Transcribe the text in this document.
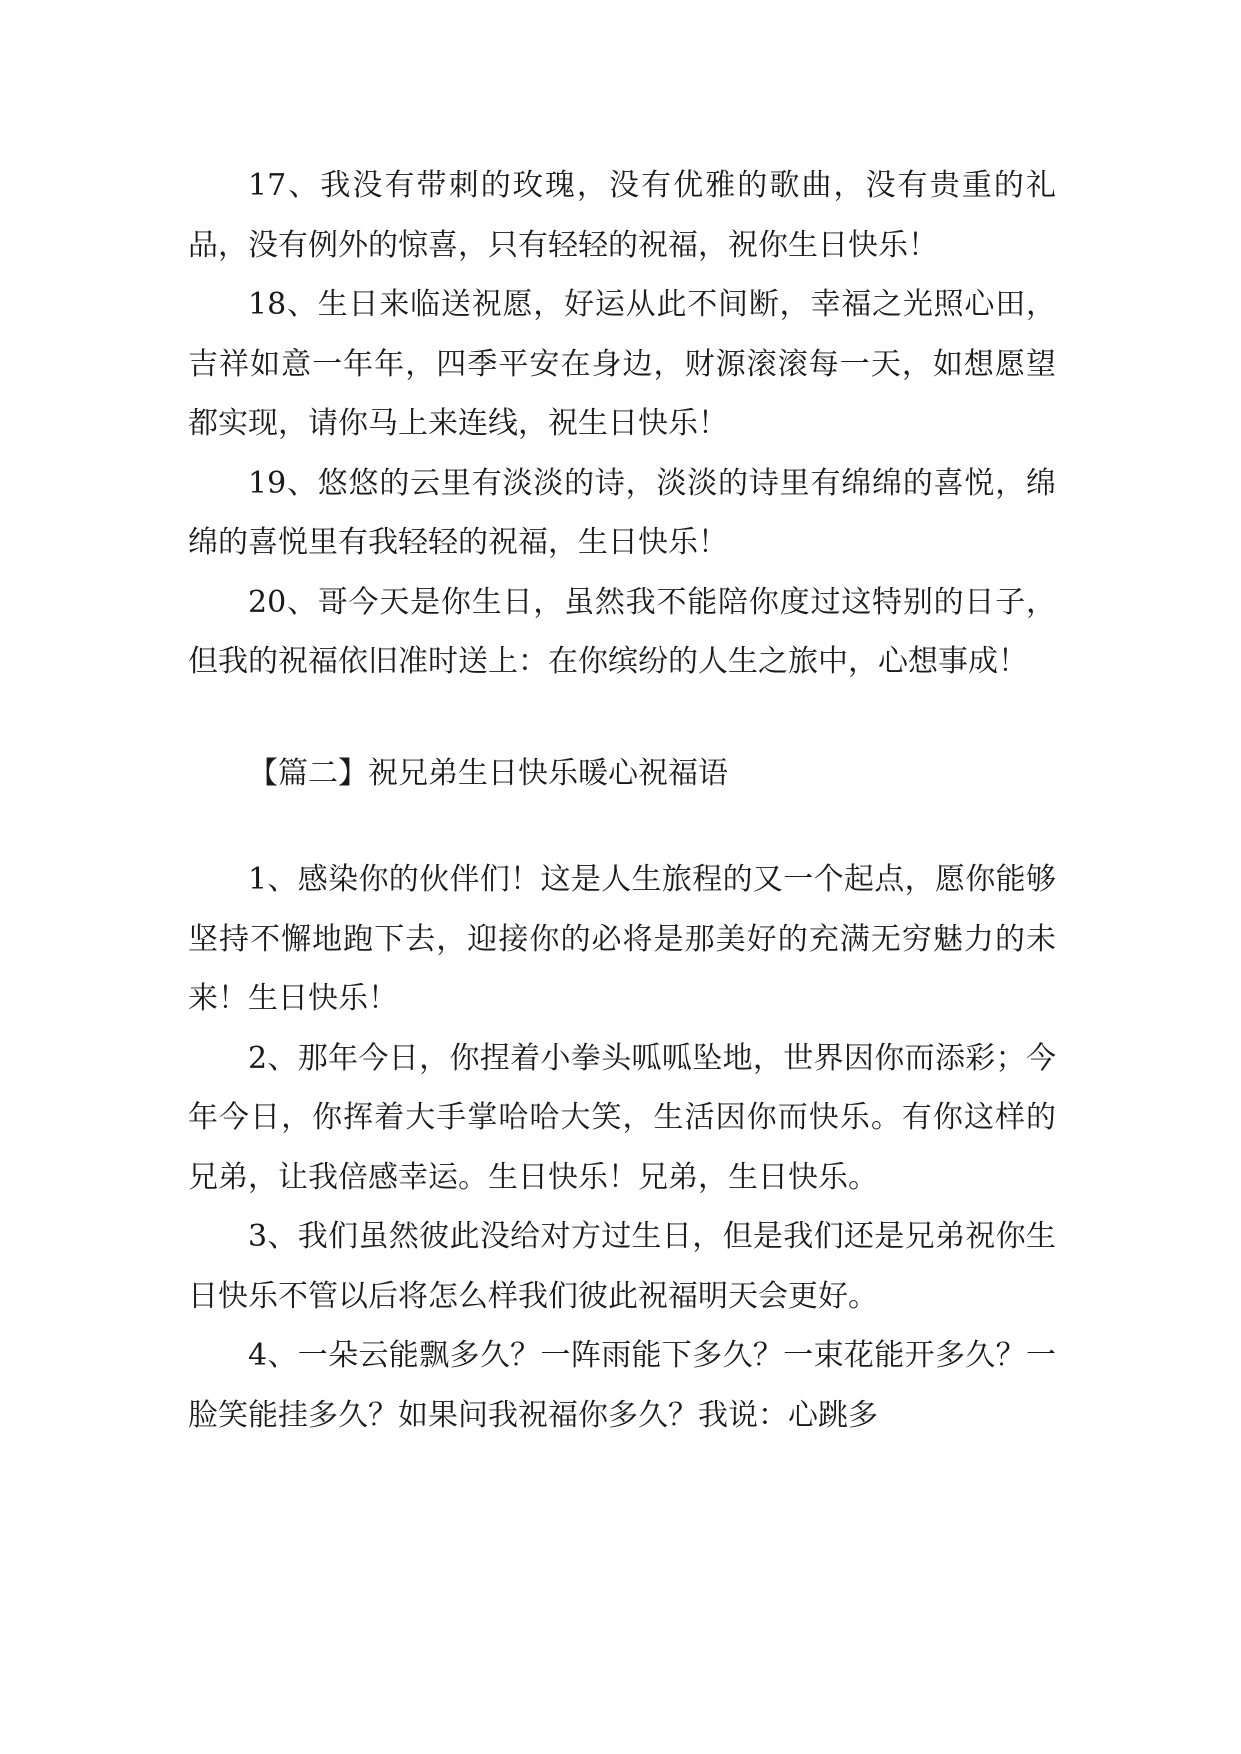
17、我没有带刺的玫瑰，没有优雅的歌曲，没有贵重的礼品，没有例外的惊喜，只有轻轻的祝福，祝你生日快乐！

18、生日来临送祝愿，好运从此不间断，幸福之光照心田，吉祥如意一年年，四季平安在身边，财源滚滚每一天，如想愿望都实现，请你马上来连线，祝生日快乐！

19、悠悠的云里有淡淡的诗，淡淡的诗里有绵绵的喜悦，绵绵的喜悦里有我轻轻的祝福，生日快乐！

20、哥今天是你生日，虽然我不能陪你度过这特别的日子，但我的祝福依旧准时送上：在你缤纷的人生之旅中，心想事成！

【篇二】祝兄弟生日快乐暖心祝福语

1、感染你的伙伴们！这是人生旅程的又一个起点，愿你能够坚持不懈地跑下去，迎接你的必将是那美好的充满无穷魅力的未来！生日快乐！

2、那年今日，你捏着小拳头呱呱坠地，世界因你而添彩；今年今日，你挥着大手掌哈哈大笑，生活因你而快乐。有你这样的兄弟，让我倍感幸运。生日快乐！兄弟，生日快乐。

3、我们虽然彼此没给对方过生日，但是我们还是兄弟祝你生日快乐不管以后将怎么样我们彼此祝福明天会更好。

4、一朵云能飘多久？一阵雨能下多久？一束花能开多久？一脸笑能挂多久？如果问我祝福你多久？我说：心跳多
